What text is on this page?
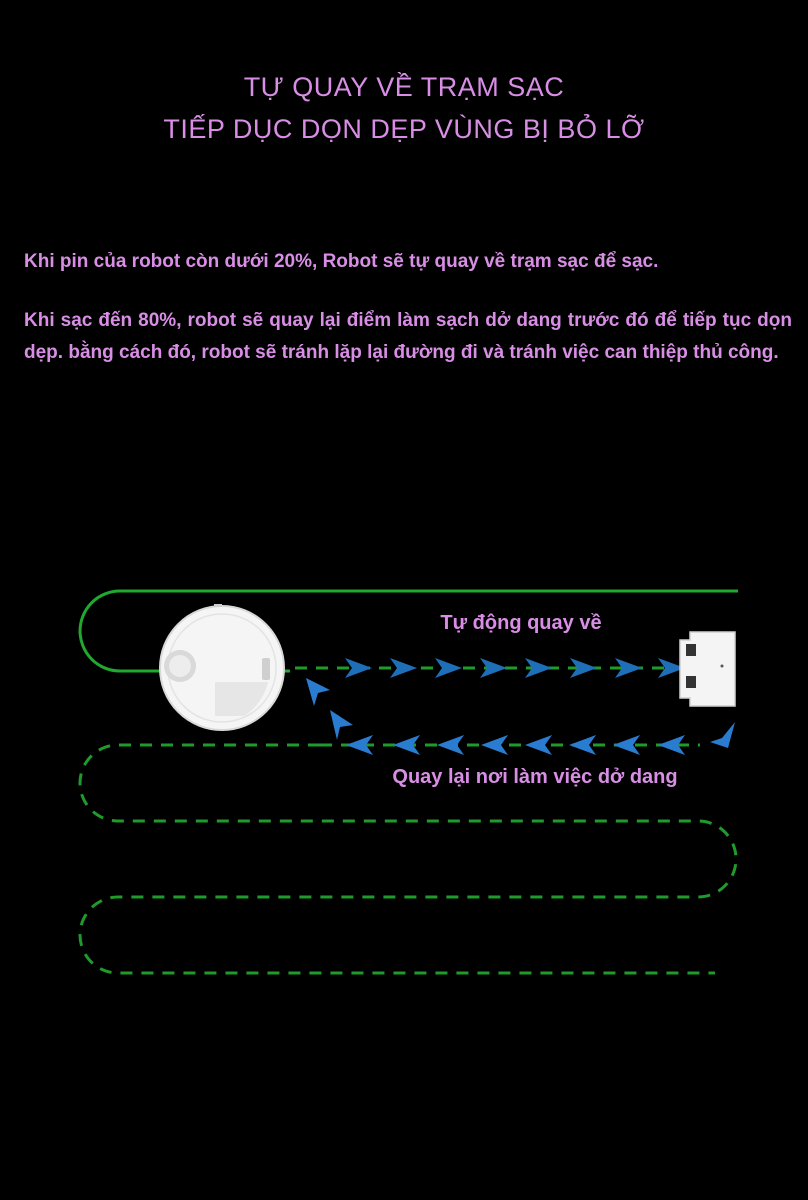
TỰ QUAY VỀ TRẠM SẠC
TIẾP DỤC DỌN DẸP VÙNG BỊ BỎ LỠ

Khi pin của robot còn dưới 20%, Robot sẽ tự quay về trạm sạc để sạc.

Khi sạc đến 80%, robot sẽ quay lại điểm làm sạch dở dang trước đó để tiếp tục dọn dẹp. bằng cách đó, robot sẽ tránh lặp lại đường đi và tránh việc can thiệp thủ công.

Tự động quay về
Quay lại nơi làm việc dở dang
